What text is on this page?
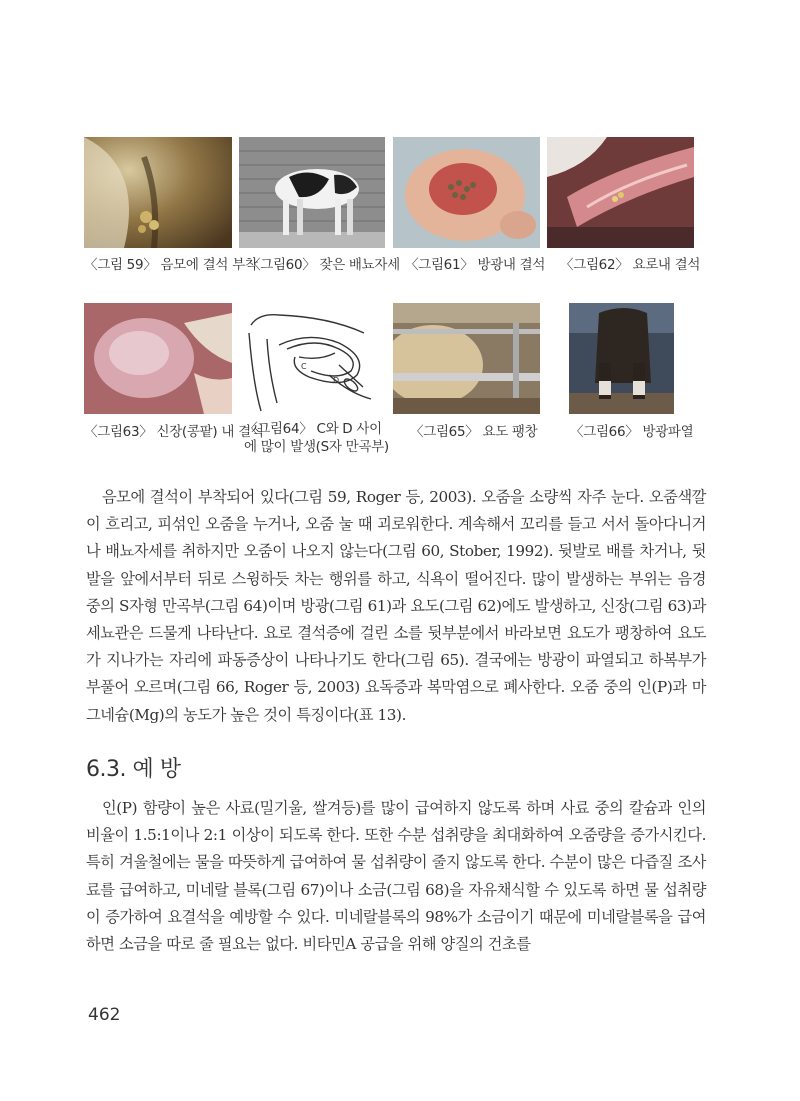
〈그림 59〉 음모에 결석 부착
〈그림60〉 잦은 배뇨자세 〈그림61〉 방광내 결석 〈그림62〉 요로내 결석
C
D
〈그림63〉 신장(콩팥) 내 결석
〈그림64〉 C와 D 사이에 많이 발생(S자 만곡부)
〈그림65〉 요도 팽창 〈그림66〉 방광파열

음모에 결석이 부착되어 있다(그림 59, Roger 등, 2003). 오줌을 소량씩 자주 눈다. 오줌색깔이 흐리고, 피섞인 오줌을 누거나, 오줌 눌 때 괴로워한다. 계속해서 꼬리를 들고 서서 돌아다니거나 배뇨자세를 취하지만 오줌이 나오지 않는다(그림 60, Stober, 1992). 뒷발로 배를 차거나, 뒷발을 앞에서부터 뒤로 스윙하듯 차는 행위를 하고, 식욕이 떨어진다. 많이 발생하는 부위는 음경 중의 S자형 만곡부(그림 64)이며 방광(그림 61)과 요도(그림 62)에도 발생하고, 신장(그림 63)과 세뇨관은 드물게 나타난다. 요로 결석증에 걸린 소를 뒷부분에서 바라보면 요도가 팽창하여 요도가 지나가는 자리에 파동증상이 나타나기도 한다(그림 65). 결국에는 방광이 파열되고 하복부가 부풀어 오르며(그림 66, Roger 등, 2003) 요독증과 복막염으로 폐사한다. 오줌 중의 인(P)과 마그네슘(Mg)의 농도가 높은 것이 특징이다(표 13).

6.3. 예 방

인(P) 함량이 높은 사료(밀기울, 쌀겨등)를 많이 급여하지 않도록 하며 사료 중의 칼슘과 인의 비율이 1.5:1이나 2:1 이상이 되도록 한다. 또한 수분 섭취량을 최대화하여 오줌량을 증가시킨다. 특히 겨울철에는 물을 따뜻하게 급여하여 물 섭취량이 줄지 않도록 한다. 수분이 많은 다즙질 조사료를 급여하고, 미네랄 블록(그림 67)이나 소금(그림 68)을 자유채식할 수 있도록 하면 물 섭취량이 증가하여 요결석을 예방할 수 있다. 미네랄블록의 98%가 소금이기 때문에 미네랄블록을 급여하면 소금을 따로 줄 필요는 없다. 비타민A 공급을 위해 양질의 건초를

462
